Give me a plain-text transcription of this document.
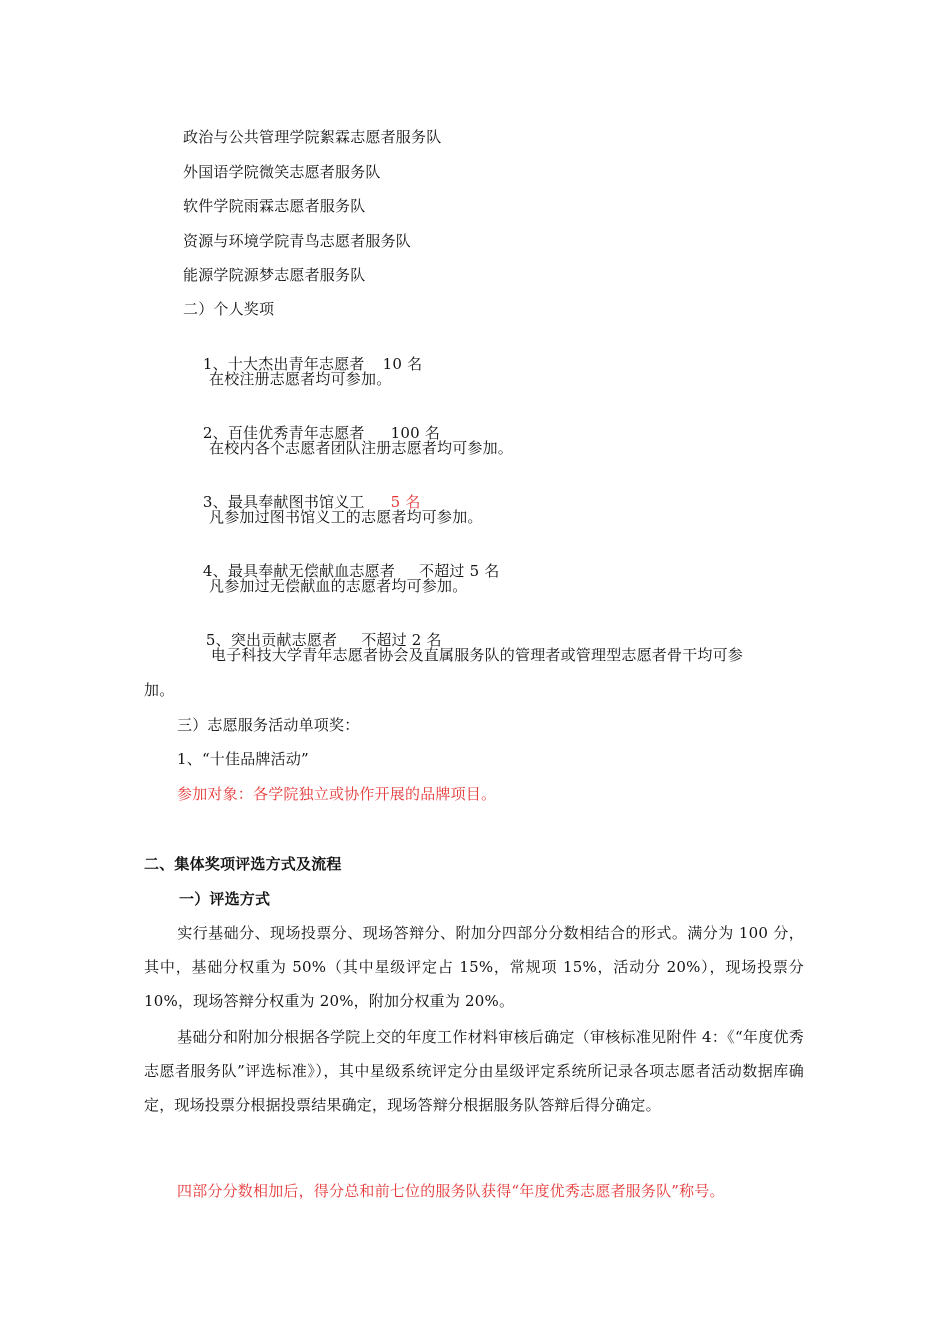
政治与公共管理学院絮霖志愿者服务队
外国语学院微笑志愿者服务队
软件学院雨霖志愿者服务队
资源与环境学院青鸟志愿者服务队
能源学院源梦志愿者服务队
二）个人奖项

1、十大杰出青年志愿者 10 名

在校注册志愿者均可参加。

2、百佳优秀青年志愿者 100 名

在校内各个志愿者团队注册志愿者均可参加。

3、最具奉献图书馆义工 5 名

凡参加过图书馆义工的志愿者均可参加。

4、最具奉献无偿献血志愿者 不超过 5 名

凡参加过无偿献血的志愿者均可参加。

5、突出贡献志愿者 不超过 2 名

电子科技大学青年志愿者协会及直属服务队的管理者或管理型志愿者骨干均可参
加。
三）志愿服务活动单项奖：
1、“十佳品牌活动”
参加对象：各学院独立或协作开展的品牌项目。
二、集体奖项评选方式及流程
一）评选方式
实行基础分、现场投票分、现场答辩分、附加分四部分分数相结合的形式。满分为 100 分，其中，基础分权重为 50%（其中星级评定占 15%，常规项 15%，活动分 20%），现场投票分 10%，现场答辩分权重为 20%，附加分权重为 20%。
基础分和附加分根据各学院上交的年度工作材料审核后确定（审核标准见附件 4：《“年度优秀志愿者服务队”评选标准》），其中星级系统评定分由星级评定系统所记录各项志愿者活动数据库确定，现场投票分根据投票结果确定，现场答辩分根据服务队答辩后得分确定。
四部分分数相加后，得分总和前七位的服务队获得“年度优秀志愿者服务队”称号。
